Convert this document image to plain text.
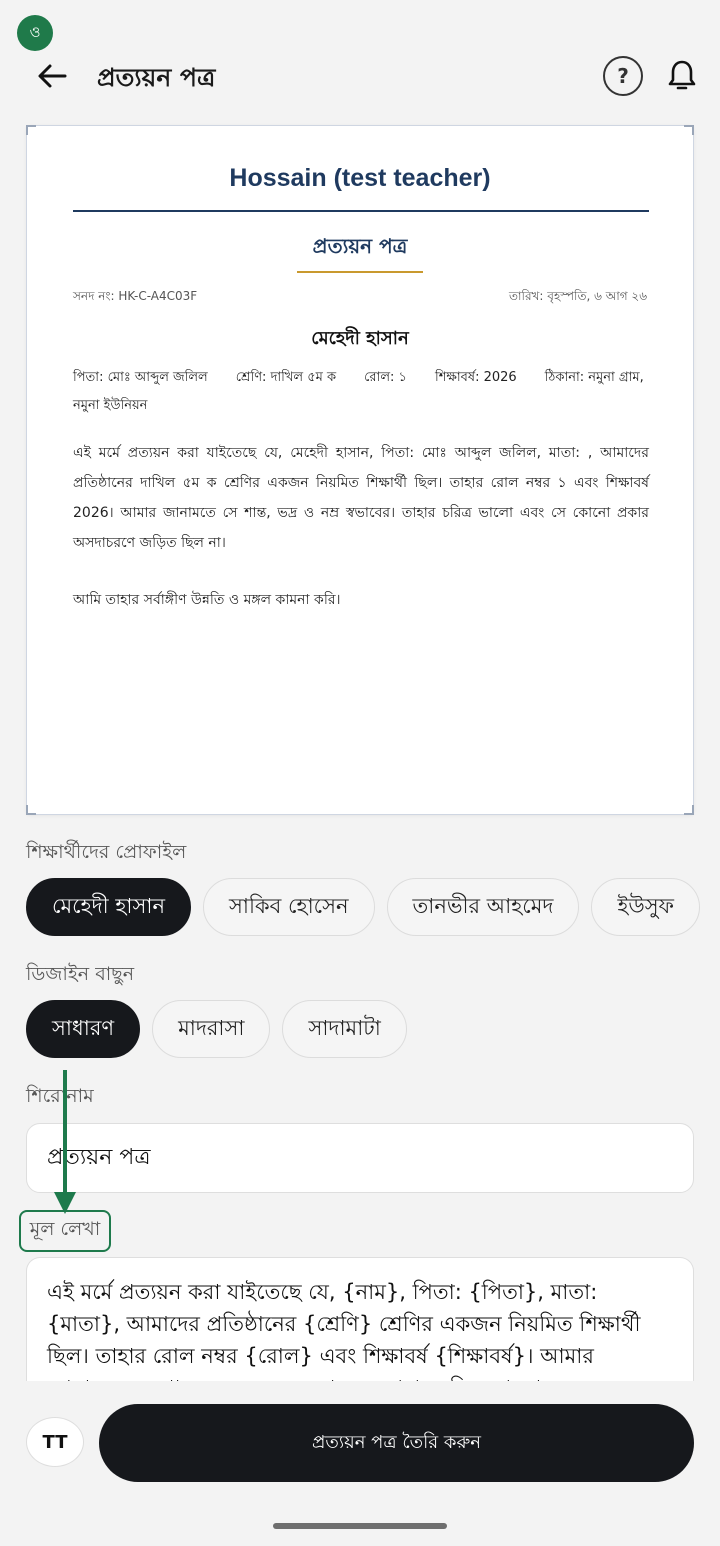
ও
প্রত্যয়ন পত্র	?
Hossain (test teacher)
প্রত্যয়ন পত্র
সনদ নং: HK-C-A4C03F	তারিখ: বৃহস্পতি, ৬ আগ ২৬
মেহেদী হাসান
পিতা: মোঃ আব্দুল জলিল শ্রেণি: দাখিল ৫ম ক রোল: ১ শিক্ষাবর্ষ: 2026 ঠিকানা: নমুনা গ্রাম, নমুনা ইউনিয়ন
এই মর্মে প্রত্যয়ন করা যাইতেছে যে, মেহেদী হাসান, পিতা: মোঃ আব্দুল জলিল, মাতা: , আমাদের প্রতিষ্ঠানের দাখিল ৫ম ক শ্রেণির একজন নিয়মিত শিক্ষার্থী ছিল। তাহার রোল নম্বর ১ এবং শিক্ষাবর্ষ 2026। আমার জানামতে সে শান্ত, ভদ্র ও নম্র স্বভাবের। তাহার চরিত্র ভালো এবং সে কোনো প্রকার অসদাচরণে জড়িত ছিল না।
আমি তাহার সর্বাঙ্গীণ উন্নতি ও মঙ্গল কামনা করি।
শিক্ষার্থীদের প্রোফাইল
মেহেদী হাসান	সাকিব হোসেন	তানভীর আহমেদ	ইউসুফ
ডিজাইন বাছুন
সাধারণ	মাদরাসা	সাদামাটা
শিরোনাম
প্রত্যয়ন পত্র
মূল লেখা
এই মর্মে প্রত্যয়ন করা যাইতেছে যে, {নাম}, পিতা: {পিতা}, মাতা: {মাতা}, আমাদের প্রতিষ্ঠানের {শ্রেণি} শ্রেণির একজন নিয়মিত শিক্ষার্থী ছিল। তাহার রোল নম্বর {রোল} এবং শিক্ষাবর্ষ {শিক্ষাবর্ষ}। আমার
TT	প্রত্যয়ন পত্র তৈরি করুন
